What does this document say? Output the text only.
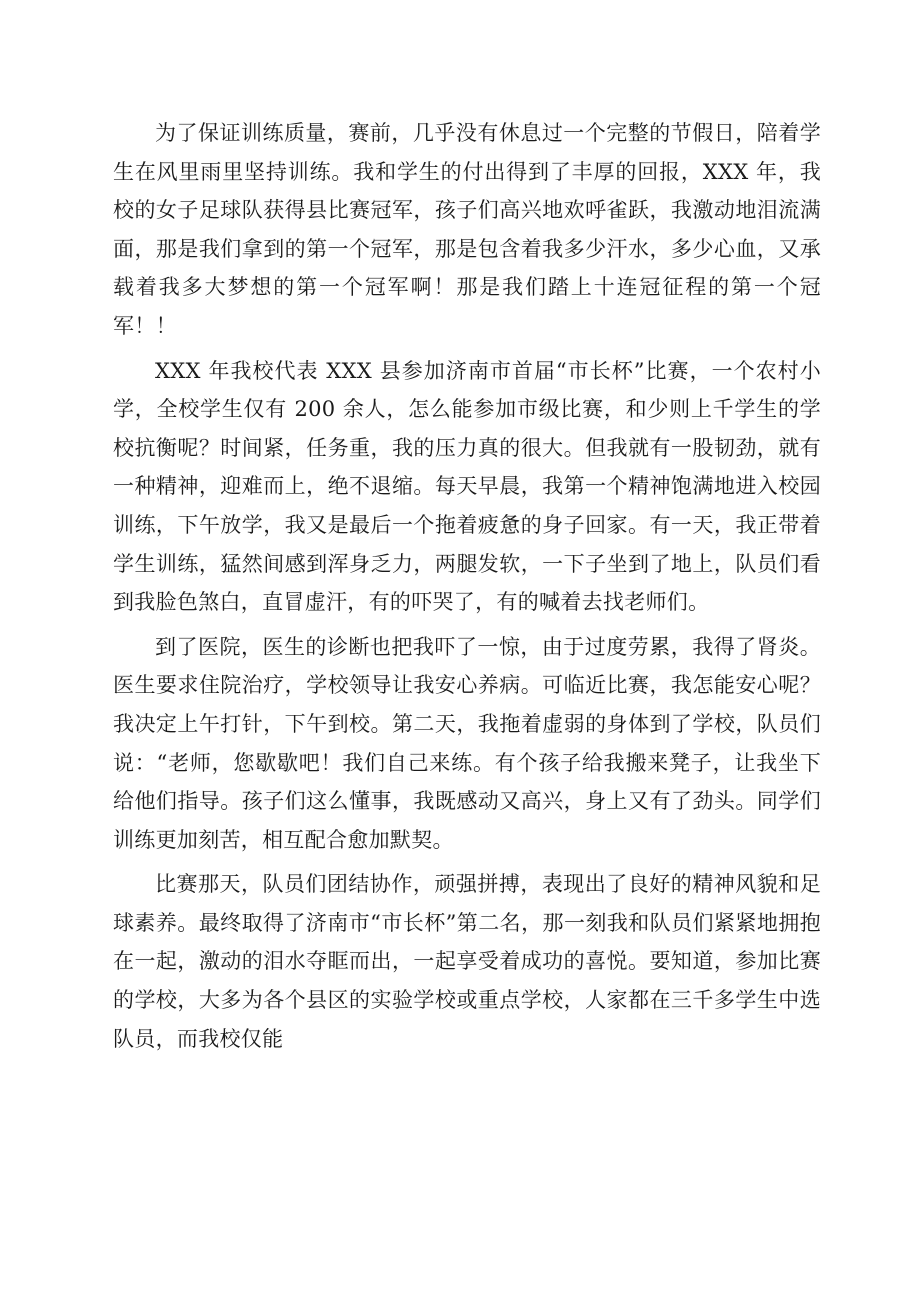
为了保证训练质量，赛前，几乎没有休息过一个完整的节假日，陪着学生在风里雨里坚持训练。我和学生的付出得到了丰厚的回报，XXX 年，我校的女子足球队获得县比赛冠军，孩子们高兴地欢呼雀跃，我激动地泪流满面，那是我们拿到的第一个冠军，那是包含着我多少汗水，多少心血，又承载着我多大梦想的第一个冠军啊！那是我们踏上十连冠征程的第一个冠军！！

XXX 年我校代表 XXX 县参加济南市首届“市长杯”比赛，一个农村小学，全校学生仅有 200 余人，怎么能参加市级比赛，和少则上千学生的学校抗衡呢？时间紧，任务重，我的压力真的很大。但我就有一股韧劲，就有一种精神，迎难而上，绝不退缩。每天早晨，我第一个精神饱满地进入校园训练，下午放学，我又是最后一个拖着疲惫的身子回家。有一天，我正带着学生训练，猛然间感到浑身乏力，两腿发软，一下子坐到了地上，队员们看到我脸色煞白，直冒虚汗，有的吓哭了，有的喊着去找老师们。

到了医院，医生的诊断也把我吓了一惊，由于过度劳累，我得了肾炎。医生要求住院治疗，学校领导让我安心养病。可临近比赛，我怎能安心呢？我决定上午打针，下午到校。第二天，我拖着虚弱的身体到了学校，队员们说：“老师，您歇歇吧！我们自己来练。有个孩子给我搬来凳子，让我坐下给他们指导。孩子们这么懂事，我既感动又高兴，身上又有了劲头。同学们训练更加刻苦，相互配合愈加默契。

比赛那天，队员们团结协作，顽强拼搏，表现出了良好的精神风貌和足球素养。最终取得了济南市“市长杯”第二名，那一刻我和队员们紧紧地拥抱在一起，激动的泪水夺眶而出，一起享受着成功的喜悦。要知道，参加比赛的学校，大多为各个县区的实验学校或重点学校，人家都在三千多学生中选队员，而我校仅能
